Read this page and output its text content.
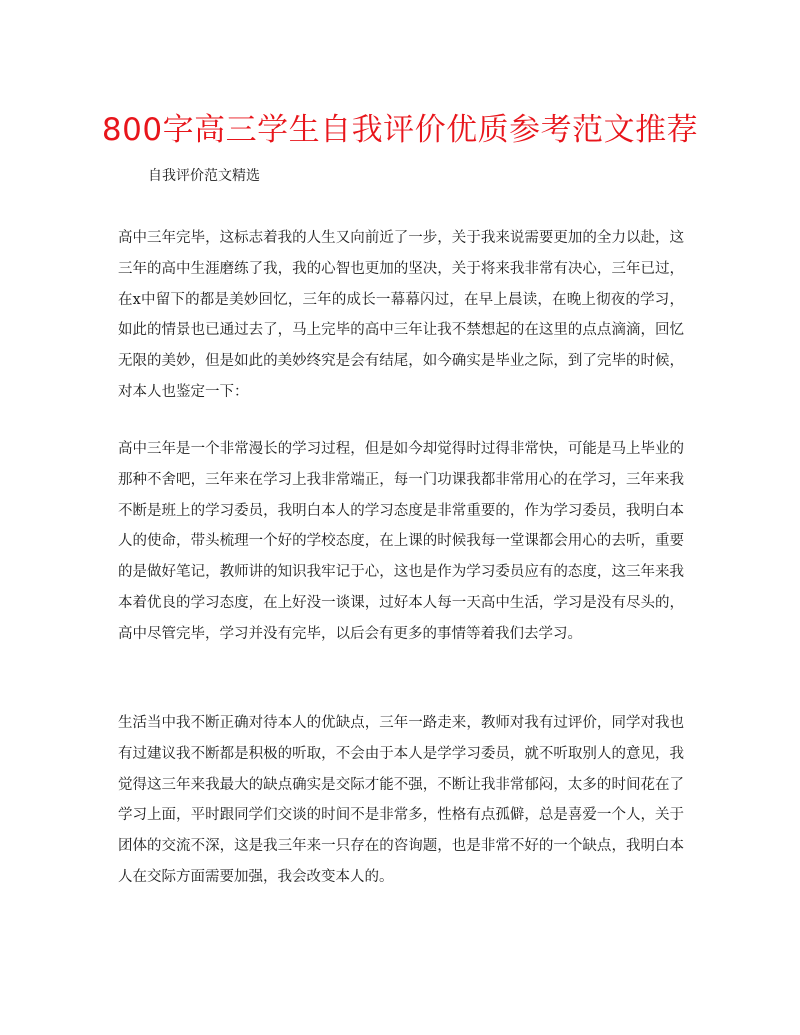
800字高三学生自我评价优质参考范文推荐

自我评价范文精选

高中三年完毕，这标志着我的人生又向前近了一步，关于我来说需要更加的全力以赴，这三年的高中生涯磨练了我，我的心智也更加的坚决，关于将来我非常有决心，三年已过，在x中留下的都是美妙回忆，三年的成长一幕幕闪过，在早上晨读，在晚上彻夜的学习，如此的情景也已通过去了，马上完毕的高中三年让我不禁想起的在这里的点点滴滴，回忆无限的美妙，但是如此的美妙终究是会有结尾，如今确实是毕业之际，到了完毕的时候，对本人也鉴定一下：

高中三年是一个非常漫长的学习过程，但是如今却觉得时过得非常快，可能是马上毕业的那种不舍吧，三年来在学习上我非常端正，每一门功课我都非常用心的在学习，三年来我不断是班上的学习委员，我明白本人的学习态度是非常重要的，作为学习委员，我明白本人的使命，带头梳理一个好的学校态度，在上课的时候我每一堂课都会用心的去听，重要的是做好笔记，教师讲的知识我牢记于心，这也是作为学习委员应有的态度，这三年来我本着优良的学习态度，在上好没一谈课，过好本人每一天高中生活，学习是没有尽头的，高中尽管完毕，学习并没有完毕，以后会有更多的事情等着我们去学习。

生活当中我不断正确对待本人的优缺点，三年一路走来，教师对我有过评价，同学对我也有过建议我不断都是积极的听取，不会由于本人是学学习委员，就不听取别人的意见，我觉得这三年来我最大的缺点确实是交际才能不强，不断让我非常郁闷，太多的时间花在了学习上面，平时跟同学们交谈的时间不是非常多，性格有点孤僻，总是喜爱一个人，关于团体的交流不深，这是我三年来一只存在的咨询题，也是非常不好的一个缺点，我明白本人在交际方面需要加强，我会改变本人的。
